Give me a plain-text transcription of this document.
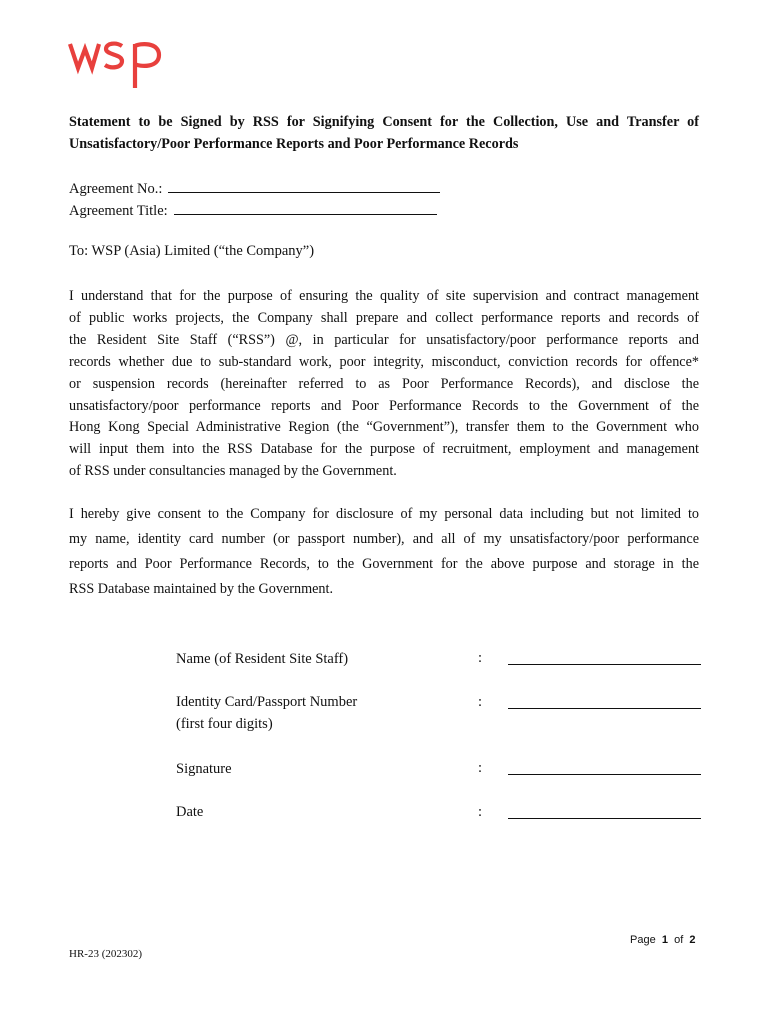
Statement to be Signed by RSS for Signifying Consent for the Collection, Use and Transfer of
Unsatisfactory/Poor Performance Reports and Poor Performance Records

Agreement No.:
Agreement Title:
To: WSP (Asia) Limited (“the Company”)

I understand that for the purpose of ensuring the quality of site supervision and contract management
of public works projects, the Company shall prepare and collect performance reports and records of
the Resident Site Staff (“RSS”) @, in particular for unsatisfactory/poor performance reports and
records whether due to sub-standard work, poor integrity, misconduct, conviction records for offence*
or suspension records (hereinafter referred to as Poor Performance Records), and disclose the
unsatisfactory/poor performance reports and Poor Performance Records to the Government of the
Hong Kong Special Administrative Region (the “Government”), transfer them to the Government who
will input them into the RSS Database for the purpose of recruitment, employment and management
of RSS under consultancies managed by the Government.

I hereby give consent to the Company for disclosure of my personal data including but not limited to
my name, identity card number (or passport number), and all of my unsatisfactory/poor performance
reports and Poor Performance Records, to the Government for the above purpose and storage in the
RSS Database maintained by the Government.

Name (of Resident Site Staff)	:
Identity Card/Passport Number
(first four digits)
:
Signature	:
Date	:
Page 1 of 2
HR-23 (202302)
